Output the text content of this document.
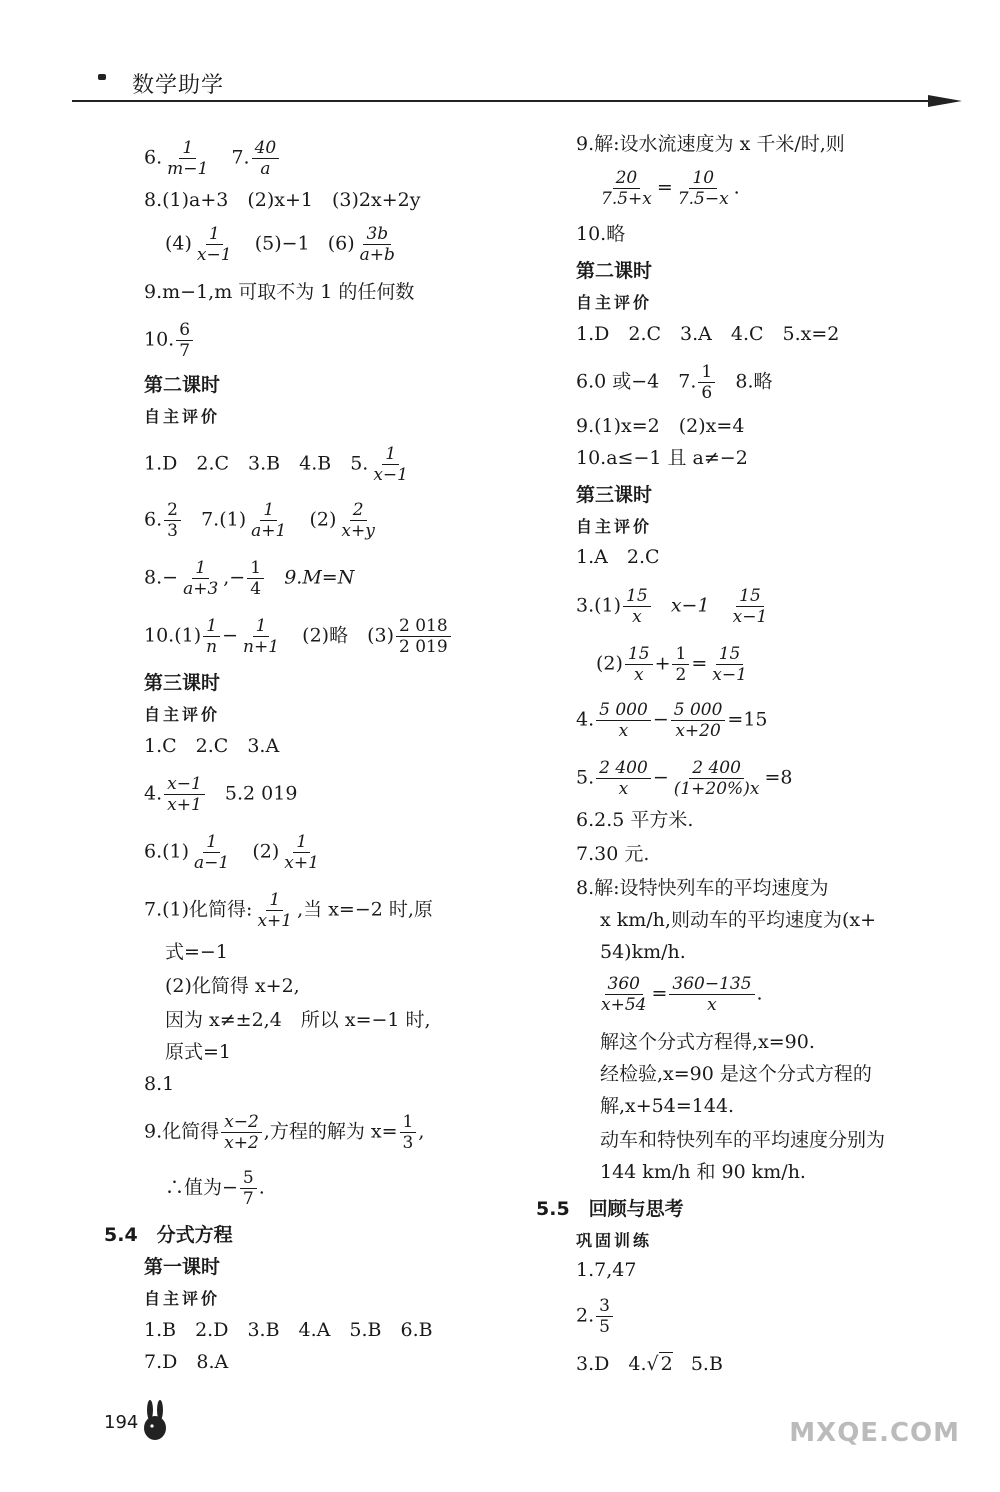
数学助学
6. $\frac{1}{m-1} 7$. $\frac{40}{a}$
8.(1)a+3　(2)x+1　(3)2x+2y
$(4) \frac{1}{x-1} (5)-1$ $(6) \frac{3b}{a+b}$
9.m−1,m 可取不为 1 的任何数
10. $\frac{6}{7}$
第二课时
自主评价
1.D　2.C　3.B　4.B　5. $\frac{1}{x-1}$
6. $\frac{2}{3} 7.(1) \frac{1}{a+1} (2) \frac{2}{x+y}$
$8.- \frac{1}{a+3}$ ,− $\frac{1}{4} 9.M=N$
$10.(1) \frac{1}{n} - \frac{1}{n+1} (2)$略　$(3) \frac{2 018}{2 019}$
第三课时
自主评价
1.C　2.C　3.A
4. $\frac{x-1}{x+1} 5.2$ 019
$6.(1) \frac{1}{a-1} (2) \frac{1}{x+1}$
7.(1)化简得: $\frac{1}{x+1}$ ,当 x=−2 时,原
式=−1
(2)化简得 x+2,
因为 x≠±2,4　所以 x=−1 时,
原式=1
8.1
9.化简得 $\frac{x-2}{x+2}$ ,方程的解为 $x= \frac{1}{3}$ ,
∴值为− $\frac{5}{7}$ .
5.4　分式方程
第一课时
自主评价
1.B　2.D　3.B　4.A　5.B　6.B
7.D　8.A
9.解:设水流速度为 x 千米/时,则
$\frac{20}{7.5+x} = \frac{10}{7.5-x}$ .
10.略
第二课时
自主评价
1.D　2.C　3.A　4.C　5.x=2
6.0 或−4　7. $\frac{1}{6} 8$.略
9.(1)x=2　(2)x=4
10.a≤−1 且 a≠−2
第三课时
自主评价
1.A　2.C
$3.(1) \frac{15}{x} x-1 \frac{15}{x-1}$
$(2) \frac{15}{x} + \frac{1}{2} = \frac{15}{x-1}$
4. $\frac{5 000}{x} - \frac{5 000}{x+20} =15$
5. $\frac{2 400}{x} - \frac{2 400}{(1+20\%)x} =8$
6.2.5 平方米.
7.30 元.
8.解:设特快列车的平均速度为
x km/h,则动车的平均速度为(x+
54)km/h.
$\frac{360}{x+54} = \frac{360-135}{x}$ .
解这个分式方程得,x=90.
经检验,x=90 是这个分式方程的
解,x+54=144.
动车和特快列车的平均速度分别为
144 km/h 和 90 km/h.
5.5　回顾与思考
巩固训练
1.7,47
2. $\frac{3}{5}$
3.D　4.√ 2 5.B
194	MXQE.COM
